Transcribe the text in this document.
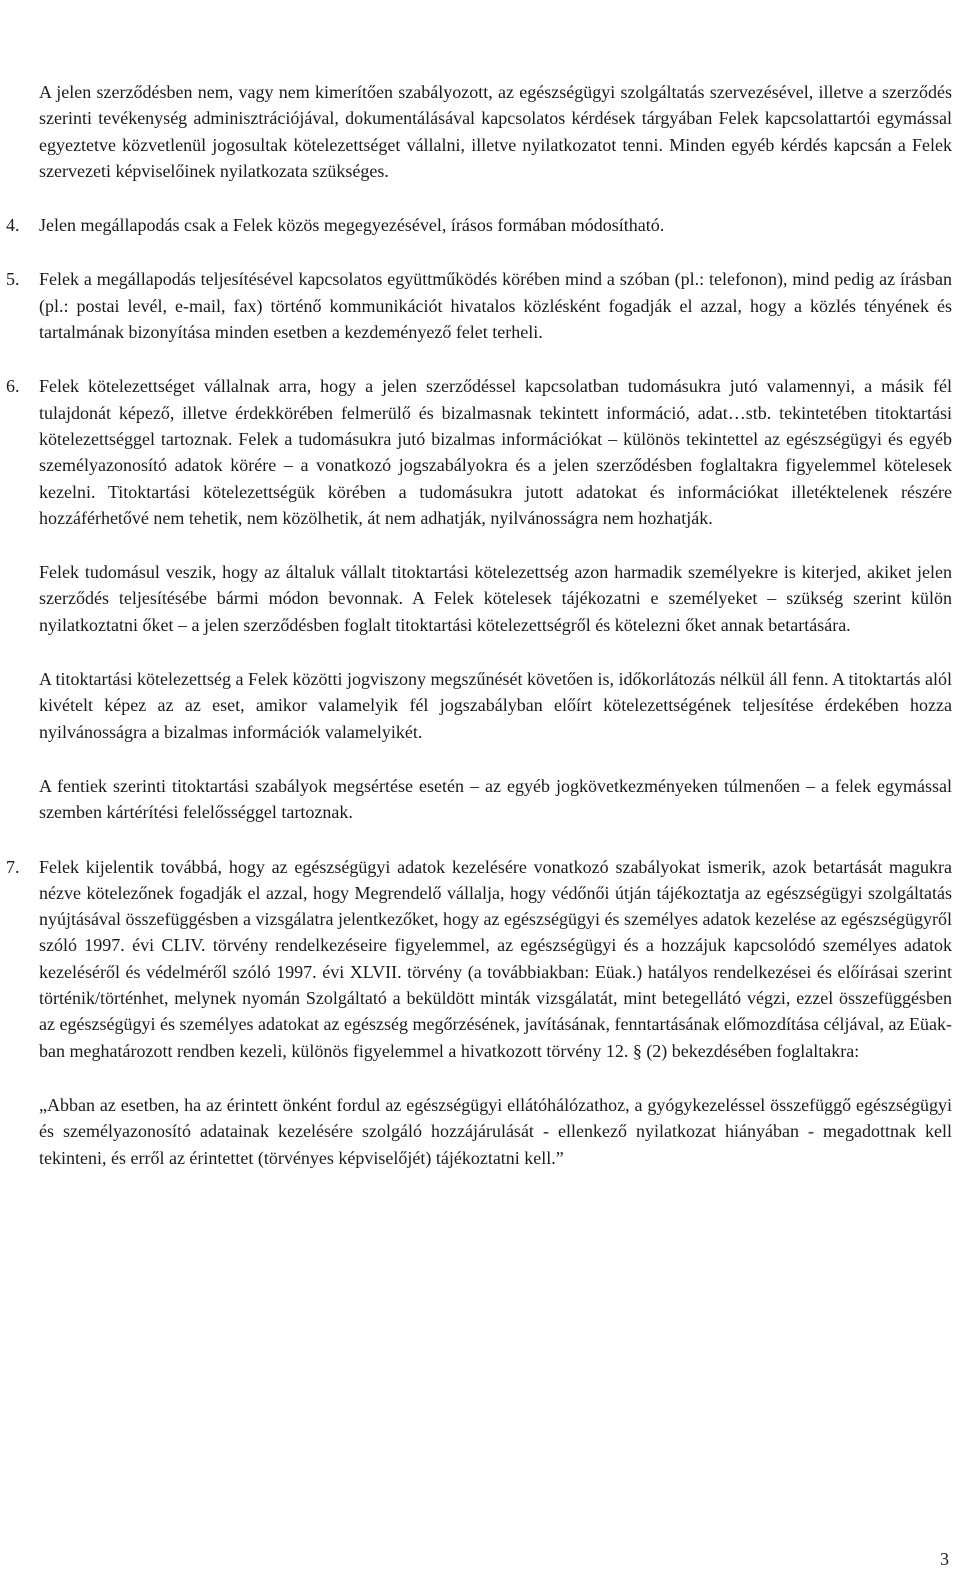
Szolgáltató részéről:	Dr. Kovács Ilona, patológiai osztályvezető
Tel.: 30/645-7649

A jelen szerződésben nem, vagy nem kimerítően szabályozott, az egészségügyi szolgáltatás szervezésével, illetve a szerződés szerinti tevékenység adminisztrációjával, dokumentálásával kapcsolatos kérdések tárgyában Felek kapcsolattartói egymással egyeztetve közvetlenül jogosultak kötelezettséget vállalni, illetve nyilatkozatot tenni. Minden egyéb kérdés kapcsán a Felek szervezeti képviselőinek nyilatkozata szükséges.

4. Jelen megállapodás csak a Felek közös megegyezésével, írásos formában módosítható.

5. Felek a megállapodás teljesítésével kapcsolatos együttműködés körében mind a szóban (pl.: telefonon), mind pedig az írásban (pl.: postai levél, e-mail, fax) történő kommunikációt hivatalos közlésként fogadják el azzal, hogy a közlés tényének és tartalmának bizonyítása minden esetben a kezdeményező felet terheli.

6. Felek kötelezettséget vállalnak arra, hogy a jelen szerződéssel kapcsolatban tudomásukra jutó valamennyi, a másik fél tulajdonát képező, illetve érdekkörében felmerülő és bizalmasnak tekintett információ, adat…stb. tekintetében titoktartási kötelezettséggel tartoznak. Felek a tudomásukra jutó bizalmas információkat – különös tekintettel az egészségügyi és egyéb személyazonosító adatok körére – a vonatkozó jogszabályokra és a jelen szerződésben foglaltakra figyelemmel kötelesek kezelni. Titoktartási kötelezettségük körében a tudomásukra jutott adatokat és információkat illetéktelenek részére hozzáférhetővé nem tehetik, nem közölhetik, át nem adhatják, nyilvánosságra nem hozhatják.

Felek tudomásul veszik, hogy az általuk vállalt titoktartási kötelezettség azon harmadik személyekre is kiterjed, akiket jelen szerződés teljesítésébe bármi módon bevonnak. A Felek kötelesek tájékozatni e személyeket – szükség szerint külön nyilatkoztatni őket – a jelen szerződésben foglalt titoktartási kötelezettségről és kötelezni őket annak betartására.

A titoktartási kötelezettség a Felek közötti jogviszony megszűnését követően is, időkorlátozás nélkül áll fenn. A titoktartás alól kivételt képez az az eset, amikor valamelyik fél jogszabályban előírt kötelezettségének teljesítése érdekében hozza nyilvánosságra a bizalmas információk valamelyikét.

A fentiek szerinti titoktartási szabályok megsértése esetén – az egyéb jogkövetkezményeken túlmenően – a felek egymással szemben kártérítési felelősséggel tartoznak.

7. Felek kijelentik továbbá, hogy az egészségügyi adatok kezelésére vonatkozó szabályokat ismerik, azok betartását magukra nézve kötelezőnek fogadják el azzal, hogy Megrendelő vállalja, hogy védőnői útján tájékoztatja az egészségügyi szolgáltatás nyújtásával összefüggésben a vizsgálatra jelentkezőket, hogy az egészségügyi és személyes adatok kezelése az egészségügyről szóló 1997. évi CLIV. törvény rendelkezéseire figyelemmel, az egészségügyi és a hozzájuk kapcsolódó személyes adatok kezeléséről és védelméről szóló 1997. évi XLVII. törvény (a továbbiakban: Eüak.) hatályos rendelkezései és előírásai szerint történik/történhet, melynek nyomán Szolgáltató a beküldött minták vizsgálatát, mint betegellátó végzi, ezzel összefüggésben az egészségügyi és személyes adatokat az egészség megőrzésének, javításának, fenntartásának előmozdítása céljával, az Eüak-ban meghatározott rendben kezeli, különös figyelemmel a hivatkozott törvény 12. § (2) bekezdésében foglaltakra:

„Abban az esetben, ha az érintett önként fordul az egészségügyi ellátóhálózathoz, a gyógykezeléssel összefüggő egészségügyi és személyazonosító adatainak kezelésére szolgáló hozzájárulását - ellenkező nyilatkozat hiányában - megadottnak kell tekinteni, és erről az érintettet (törvényes képviselőjét) tájékoztatni kell.”

3
